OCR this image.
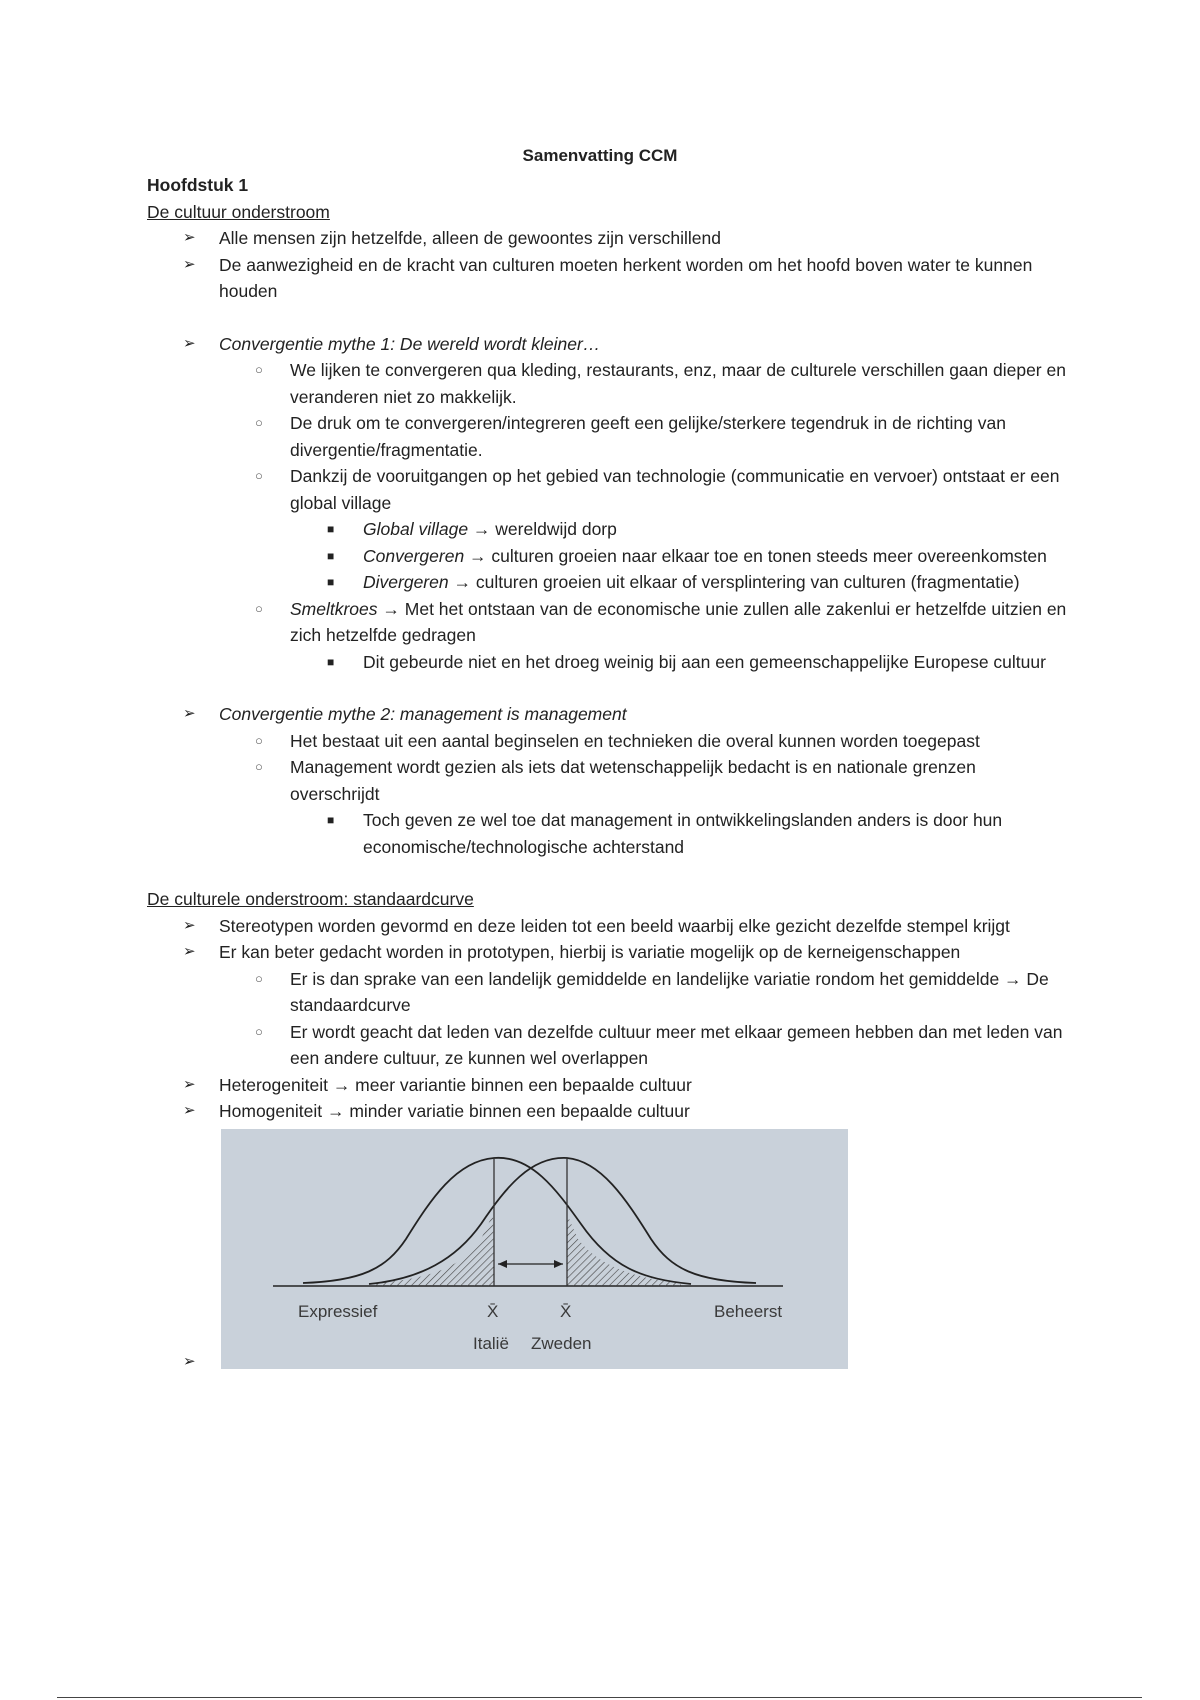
Samenvatting CCM
Hoofdstuk 1
De cultuur onderstroom
➢ Alle mensen zijn hetzelfde, alleen de gewoontes zijn verschillend
➢ De aanwezigheid en de kracht van culturen moeten herkent worden om het hoofd boven water te kunnen houden
➢ Convergentie mythe 1: De wereld wordt kleiner…
○ We lijken te convergeren qua kleding, restaurants, enz, maar de culturele verschillen gaan dieper en veranderen niet zo makkelijk.
○ De druk om te convergeren/integreren geeft een gelijke/sterkere tegendruk in de richting van divergentie/fragmentatie.
○ Dankzij de vooruitgangen op het gebied van technologie (communicatie en vervoer) ontstaat er een global village
■ Global village → wereldwijd dorp
■ Convergeren → culturen groeien naar elkaar toe en tonen steeds meer overeenkomsten
■ Divergeren → culturen groeien uit elkaar of versplintering van culturen (fragmentatie)
○ Smeltkroes → Met het ontstaan van de economische unie zullen alle zakenlui er hetzelfde uitzien en zich hetzelfde gedragen
■ Dit gebeurde niet en het droeg weinig bij aan een gemeenschappelijke Europese cultuur
➢ Convergentie mythe 2: management is management
○ Het bestaat uit een aantal beginselen en technieken die overal kunnen worden toegepast
○ Management wordt gezien als iets dat wetenschappelijk bedacht is en nationale grenzen overschrijdt
■ Toch geven ze wel toe dat management in ontwikkelingslanden anders is door hun economische/technologische achterstand
De culturele onderstroom: standaardcurve
➢ Stereotypen worden gevormd en deze leiden tot een beeld waarbij elke gezicht dezelfde stempel krijgt
➢ Er kan beter gedacht worden in prototypen, hierbij is variatie mogelijk op de kerneigenschappen
○ Er is dan sprake van een landelijk gemiddelde en landelijke variatie rondom het gemiddelde → De standaardcurve
○ Er wordt geacht dat leden van dezelfde cultuur meer met elkaar gemeen hebben dan met leden van een andere cultuur, ze kunnen wel overlappen
➢ Heterogeniteit → meer variantie binnen een bepaalde cultuur
➢ Homogeniteit → minder variatie binnen een bepaalde cultuur
➢
Expressief	X̄	X̄	Beheerst
Italië Zweden
